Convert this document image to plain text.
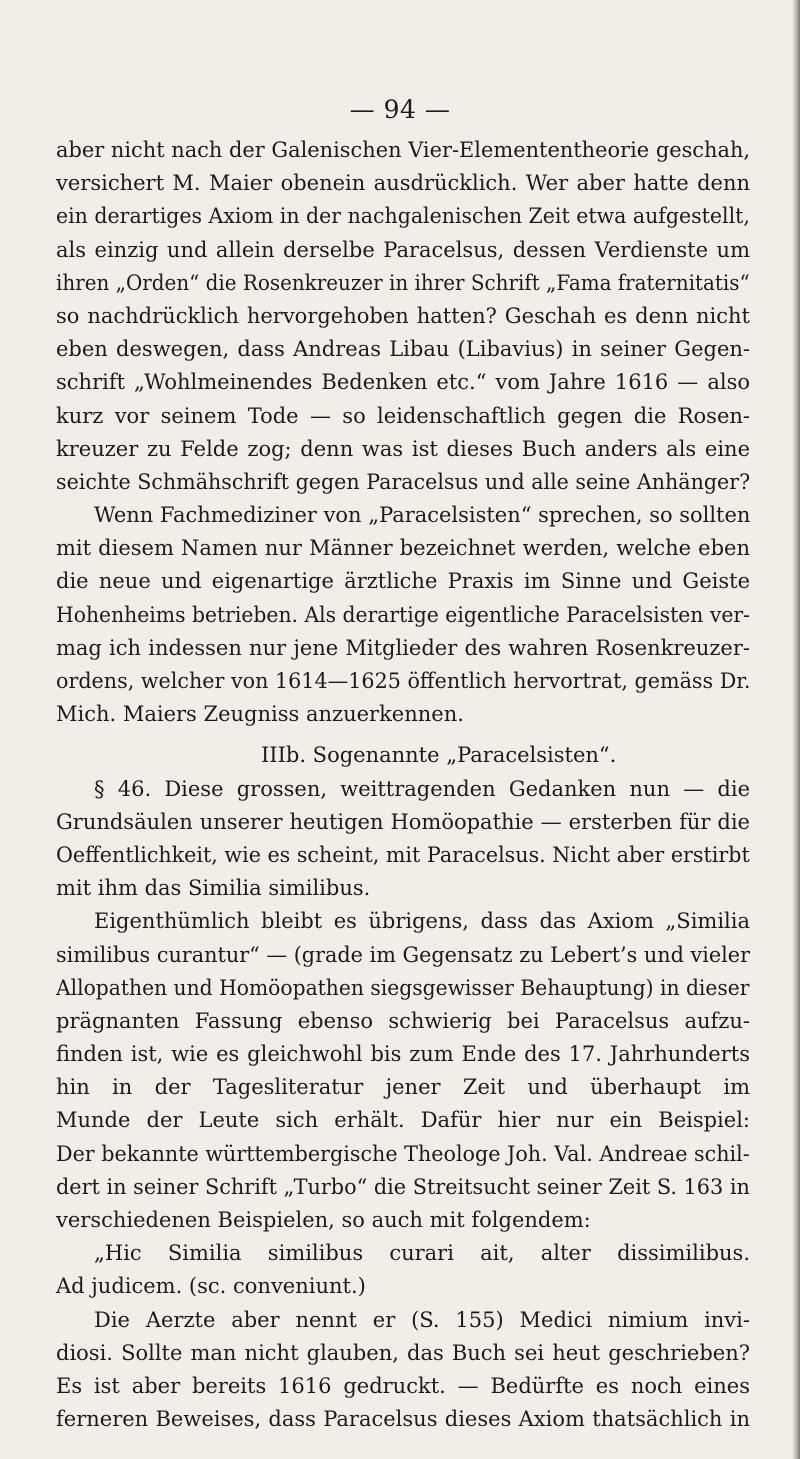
— 94 —
aber nicht nach der Galenischen Vier-Elemententheorie geschah,
versichert M. Maier obenein ausdrücklich. Wer aber hatte denn
ein derartiges Axiom in der nachgalenischen Zeit etwa aufgestellt,
als einzig und allein derselbe Paracelsus, dessen Verdienste um
ihren „Orden“ die Rosenkreuzer in ihrer Schrift „Fama fraternitatis“
so nachdrücklich hervorgehoben hatten? Geschah es denn nicht
eben deswegen, dass Andreas Libau (Libavius) in seiner Gegen-
schrift „Wohlmeinendes Bedenken etc.“ vom Jahre 1616 — also
kurz vor seinem Tode — so leidenschaftlich gegen die Rosen-
kreuzer zu Felde zog; denn was ist dieses Buch anders als eine
seichte Schmähschrift gegen Paracelsus und alle seine Anhänger?
Wenn Fachmediziner von „Paracelsisten“ sprechen, so sollten
mit diesem Namen nur Männer bezeichnet werden, welche eben
die neue und eigenartige ärztliche Praxis im Sinne und Geiste
Hohenheims betrieben. Als derartige eigentliche Paracelsisten ver-
mag ich indessen nur jene Mitglieder des wahren Rosenkreuzer-
ordens, welcher von 1614—1625 öffentlich hervortrat, gemäss Dr.
Mich. Maiers Zeugniss anzuerkennen.
IIIb. Sogenannte „Paracelsisten“.
§ 46. Diese grossen, weittragenden Gedanken nun — die
Grundsäulen unserer heutigen Homöopathie — ersterben für die
Oeffentlichkeit, wie es scheint, mit Paracelsus. Nicht aber erstirbt
mit ihm das Similia similibus.
Eigenthümlich bleibt es übrigens, dass das Axiom „Similia
similibus curantur“ — (grade im Gegensatz zu Lebert’s und vieler
Allopathen und Homöopathen siegsgewisser Behauptung) in dieser
prägnanten Fassung ebenso schwierig bei Paracelsus aufzu-
finden ist, wie es gleichwohl bis zum Ende des 17. Jahrhunderts
hin in der Tagesliteratur jener Zeit und überhaupt im
Munde der Leute sich erhält. Dafür hier nur ein Beispiel:
Der bekannte württembergische Theologe Joh. Val. Andreae schil-
dert in seiner Schrift „Turbo“ die Streitsucht seiner Zeit S. 163 in
verschiedenen Beispielen, so auch mit folgendem:
„Hic Similia similibus curari ait, alter dissimilibus.
Ad judicem. (sc. conveniunt.)
Die Aerzte aber nennt er (S. 155) Medici nimium invi-
diosi. Sollte man nicht glauben, das Buch sei heut geschrieben?
Es ist aber bereits 1616 gedruckt. — Bedürfte es noch eines
ferneren Beweises, dass Paracelsus dieses Axiom thatsächlich in
